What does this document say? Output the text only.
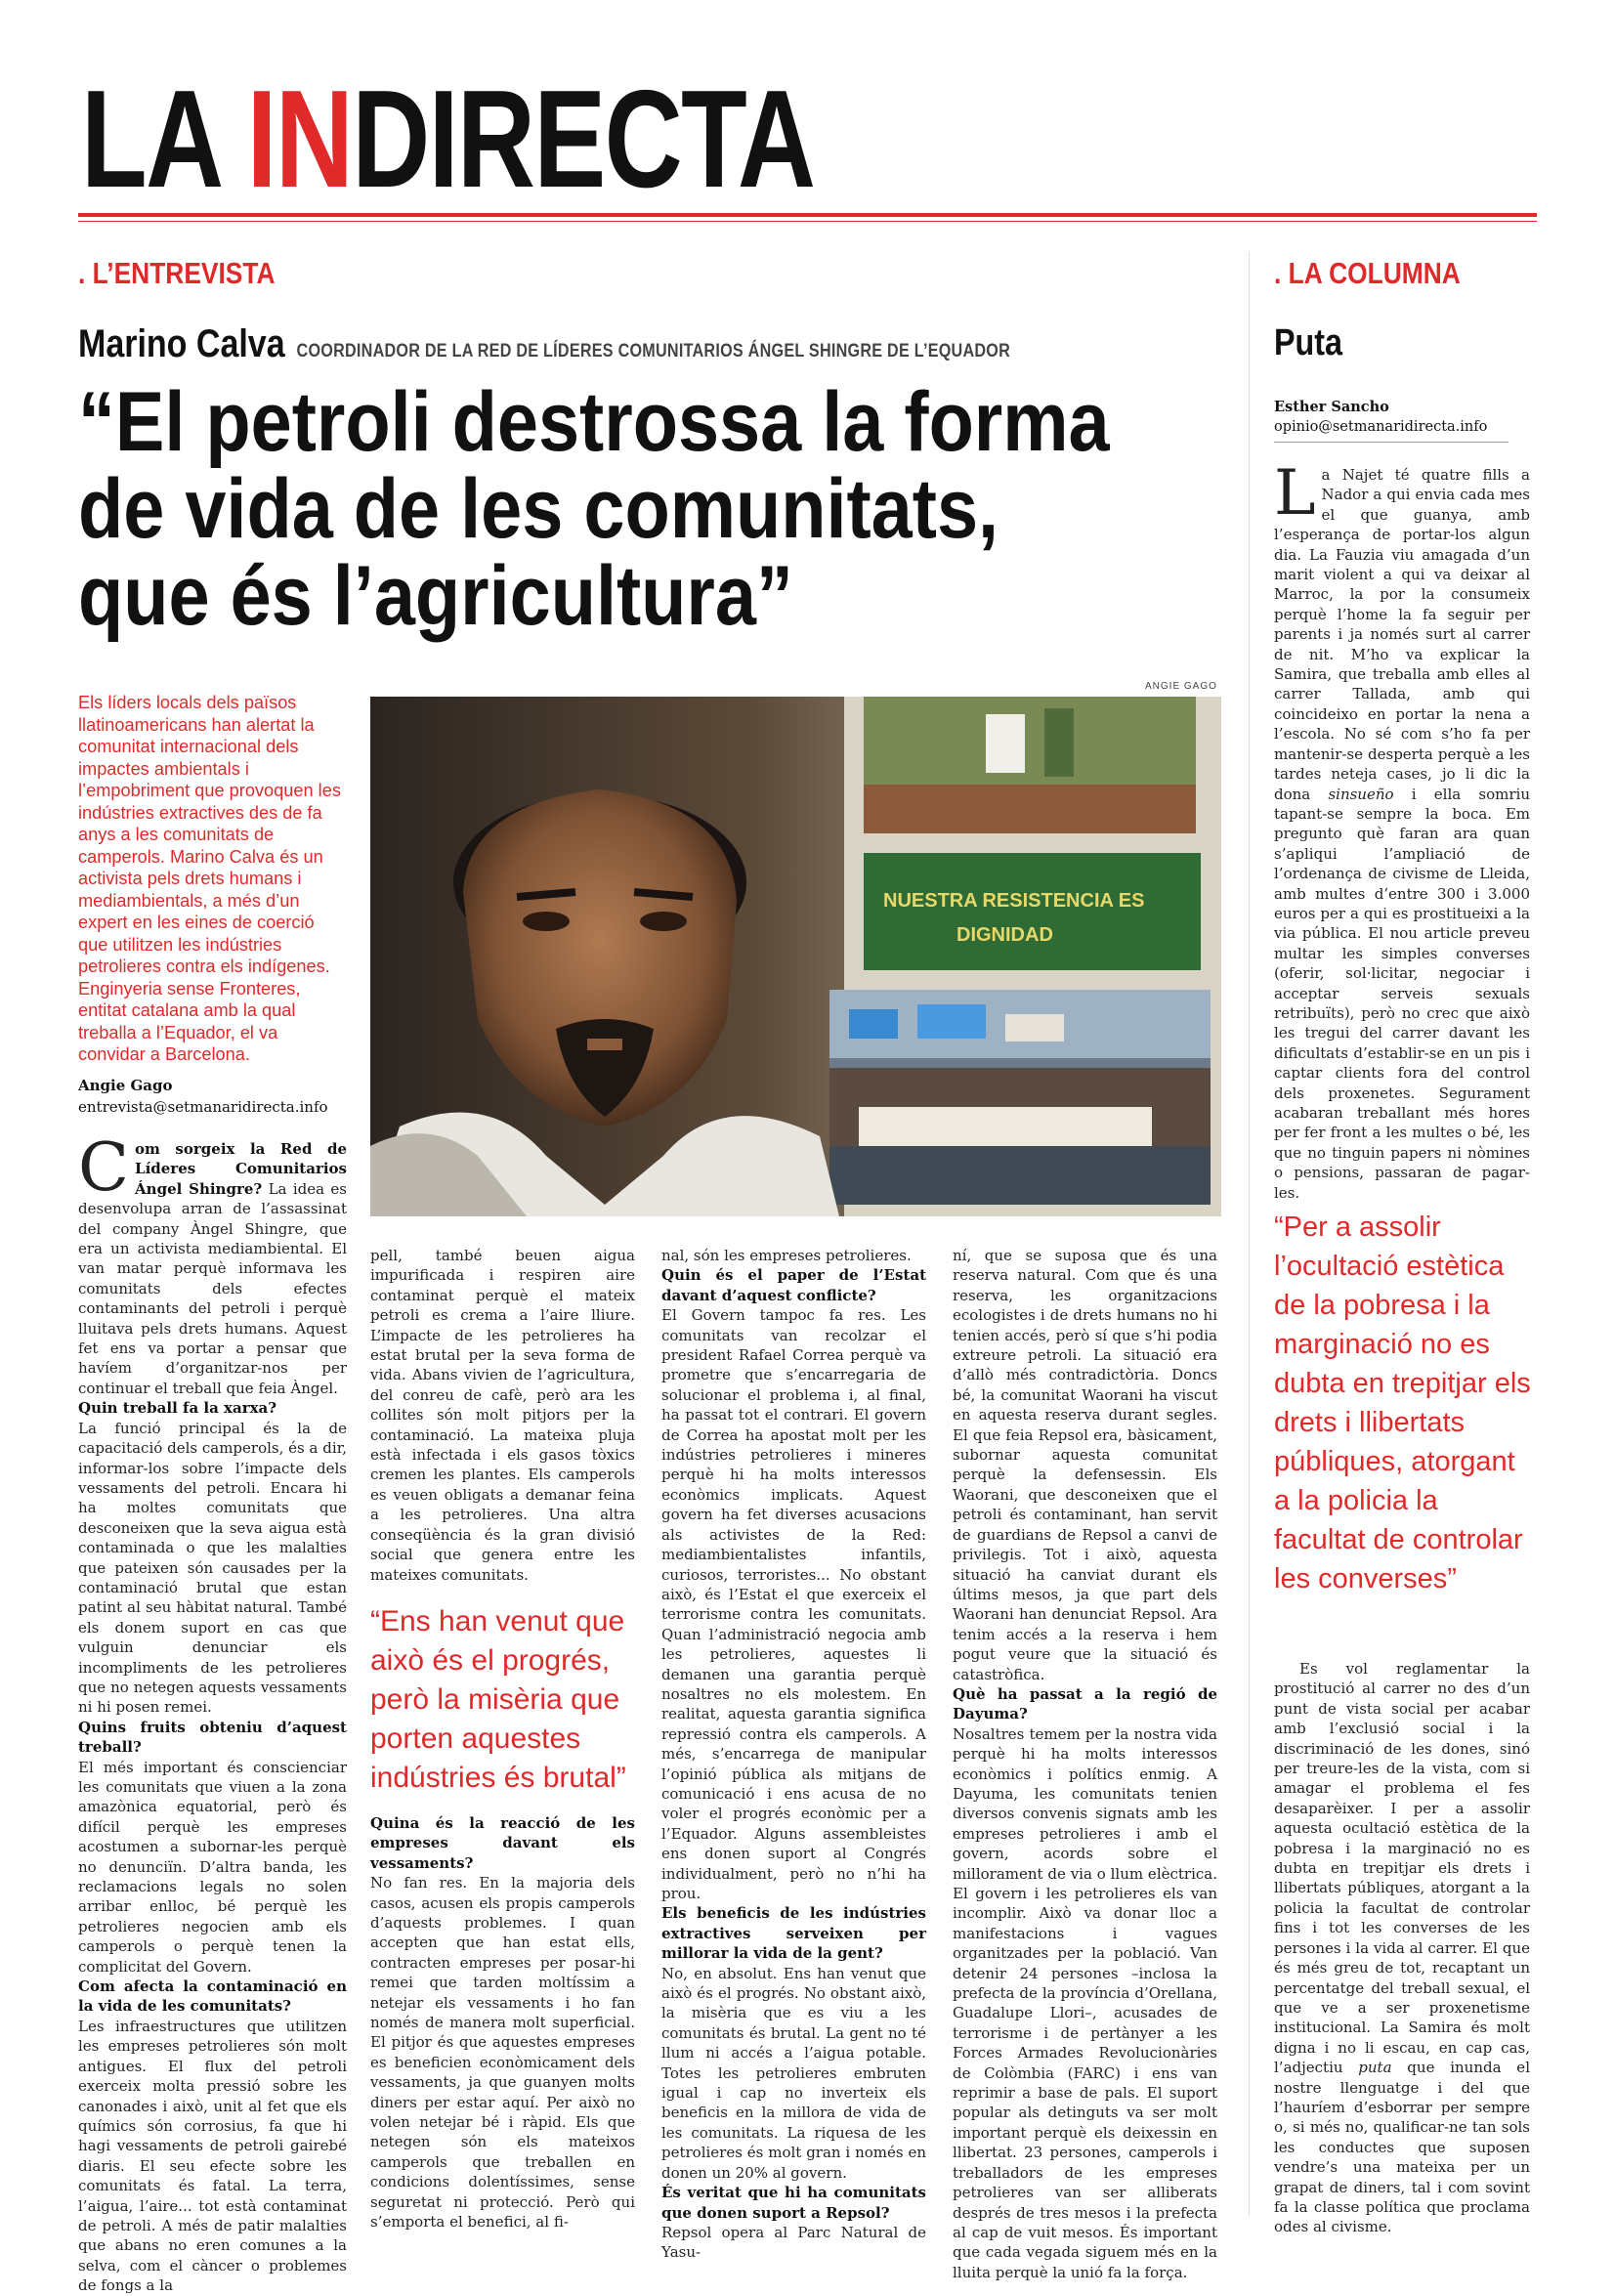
LA INDIRECTA
. L’ENTREVISTA
Marino Calva COORDINADOR DE LA RED DE LÍDERES COMUNITARIOS ÁNGEL SHINGRE DE L’EQUADOR
“El petroli destrossa la forma de vida de les comunitats, que és l’agricultura”
Els líders locals dels països llatinoamericans han alertat la comunitat internacional dels impactes ambientals i l’empobriment que provoquen les indústries extractives des de fa anys a les comunitats de camperols. Marino Calva és un activista pels drets humans i mediambientals, a més d’un expert en les eines de coerció que utilitzen les indústries petrolieres contra els indígenes. Enginyeria sense Fronteres, entitat catalana amb la qual treballa a l’Equador, el va convidar a Barcelona.
Angie Gago
entrevista@setmanaridirecta.info
ANGIE GAGO
NUESTRA RESISTENCIA ES
DIGNIDAD

Com sorgeix la Red de Líderes Comunitarios Ángel Shingre? La idea es desenvolupa arran de l’assassinat del company Àngel Shingre, que era un activista mediambiental. El van matar perquè informava les comunitats dels efectes contaminants del petroli i perquè lluitava pels drets humans. Aquest fet ens va portar a pensar que havíem d’organitzar-nos per continuar el treball que feia Àngel.

Quin treball fa la xarxa?

La funció principal és la de capacitació dels camperols, és a dir, informar-los sobre l’impacte dels vessaments del petroli. Encara hi ha moltes comunitats que desconeixen que la seva aigua està contaminada o que les malalties que pateixen són causades per la contaminació brutal que estan patint al seu hàbitat natural. També els donem suport en cas que vulguin denunciar els incompliments de les petrolieres que no netegen aquests vessaments ni hi posen remei.

Quins fruits obteniu d’aquest treball?

El més important és conscienciar les comunitats que viuen a la zona amazònica equatorial, però és difícil perquè les empreses acostumen a subornar-les perquè no denunciïn. D’altra banda, les reclamacions legals no solen arribar enlloc, bé perquè les petrolieres negocien amb els camperols o perquè tenen la complicitat del Govern.

Com afecta la contaminació en la vida de les comunitats?

Les infraestructures que utilitzen les empreses petrolieres són molt antigues. El flux del petroli exerceix molta pressió sobre les canonades i això, unit al fet que els químics són corrosius, fa que hi hagi vessaments de petroli gairebé diaris. El seu efecte sobre les comunitats és fatal. La terra, l’aigua, l’aire... tot està contaminat de petroli. A més de patir malalties que abans no eren comunes a la selva, com el càncer o problemes de fongs a la

pell, també beuen aigua impurificada i respiren aire contaminat perquè el mateix petroli es crema a l’aire lliure. L’impacte de les petrolieres ha estat brutal per la seva forma de vida. Abans vivien de l’agricultura, del conreu de cafè, però ara les collites són molt pitjors per la contaminació. La mateixa pluja està infectada i els gasos tòxics cremen les plantes. Els camperols es veuen obligats a demanar feina a les petrolieres. Una altra conseqüència és la gran divisió social que genera entre les mateixes comunitats.

“Ens han venut que això és el progrés, però la misèria que porten aquestes indústries és brutal”

Quina és la reacció de les empreses davant els vessaments?

No fan res. En la majoria dels casos, acusen els propis camperols d’aquests problemes. I quan accepten que han estat ells, contracten empreses per posar-hi remei que tarden moltíssim a netejar els vessaments i ho fan només de manera molt superficial. El pitjor és que aquestes empreses es beneficien econòmicament dels vessaments, ja que guanyen molts diners per estar aquí. Per això no volen netejar bé i ràpid. Els que netegen són els mateixos camperols que treballen en condicions dolentíssimes, sense seguretat ni protecció. Però qui s’emporta el benefici, al fi-

nal, són les empreses petrolieres.

Quin és el paper de l’Estat davant d’aquest conflicte?

El Govern tampoc fa res. Les comunitats van recolzar el president Rafael Correa perquè va prometre que s’encarregaria de solucionar el problema i, al final, ha passat tot el contrari. El govern de Correa ha apostat molt per les indústries petrolieres i mineres perquè hi ha molts interessos econòmics implicats. Aquest govern ha fet diverses acusacions als activistes de la Red: mediambientalistes infantils, curiosos, terroristes... No obstant això, és l’Estat el que exerceix el terrorisme contra les comunitats. Quan l’administració negocia amb les petrolieres, aquestes li demanen una garantia perquè nosaltres no els molestem. En realitat, aquesta garantia significa repressió contra els camperols. A més, s’encarrega de manipular l’opinió pública als mitjans de comunicació i ens acusa de no voler el progrés econòmic per a l’Equador. Alguns assembleistes ens donen suport al Congrés individualment, però no n’hi ha prou.

Els beneficis de les indústries extractives serveixen per millorar la vida de la gent?

No, en absolut. Ens han venut que això és el progrés. No obstant això, la misèria que es viu a les comunitats és brutal. La gent no té llum ni accés a l’aigua potable. Totes les petrolieres embruten igual i cap no inverteix els beneficis en la millora de vida de les comunitats. La riquesa de les petrolieres és molt gran i només en donen un 20% al govern.

És veritat que hi ha comunitats que donen suport a Repsol?

Repsol opera al Parc Natural de Yasu-

ní, que se suposa que és una reserva natural. Com que és una reserva, les organitzacions ecologistes i de drets humans no hi tenien accés, però sí que s’hi podia extreure petroli. La situació era d’allò més contradictòria. Doncs bé, la comunitat Waorani ha viscut en aquesta reserva durant segles. El que feia Repsol era, bàsicament, subornar aquesta comunitat perquè la defensessin. Els Waorani, que desconeixen que el petroli és contaminant, han servit de guardians de Repsol a canvi de privilegis. Tot i això, aquesta situació ha canviat durant els últims mesos, ja que part dels Waorani han denunciat Repsol. Ara tenim accés a la reserva i hem pogut veure que la situació és catastròfica.

Què ha passat a la regió de Dayuma?

Nosaltres temem per la nostra vida perquè hi ha molts interessos econòmics i polítics enmig. A Dayuma, les comunitats tenien diversos convenis signats amb les empreses petrolieres i amb el govern, acords sobre el millorament de via o llum elèctrica. El govern i les petrolieres els van incomplir. Això va donar lloc a manifestacions i vagues organitzades per la població. Van detenir 24 persones –inclosa la prefecta de la província d’Orellana, Guadalupe Llori–, acusades de terrorisme i de pertànyer a les Forces Armades Revolucionàries de Colòmbia (FARC) i ens van reprimir a base de pals. El suport popular als detinguts va ser molt important perquè els deixessin en llibertat. 23 persones, camperols i treballadors de les empreses petrolieres van ser alliberats després de tres mesos i la prefecta al cap de vuit mesos. És important que cada vegada siguem més en la lluita perquè la unió fa la força.

. LA COLUMNA
Puta
Esther Sancho
opinio@setmanaridirecta.info

La Najet té quatre fills a Nador a qui envia cada mes el que guanya, amb l’esperança de portar-los algun dia. La Fauzia viu amagada d’un marit violent a qui va deixar al Marroc, la por la consumeix perquè l’home la fa seguir per parents i ja només surt al carrer de nit. M’ho va explicar la Samira, que treballa amb elles al carrer Tallada, amb qui coincideixo en portar la nena a l’escola. No sé com s’ho fa per mantenir-se desperta perquè a les tardes neteja cases, jo li dic la dona sinsueño i ella somriu tapant-se sempre la boca. Em pregunto què faran ara quan s’apliqui l’ampliació de l’ordenança de civisme de Lleida, amb multes d’entre 300 i 3.000 euros per a qui es prostitueixi a la via pública. El nou article preveu multar les simples converses (oferir, sol·licitar, negociar i acceptar serveis sexuals retribuïts), però no crec que això les tregui del carrer davant les dificultats d’establir-se en un pis i captar clients fora del control dels proxenetes. Segurament acabaran treballant més hores per fer front a les multes o bé, les que no tinguin papers ni nòmines o pensions, passaran de pagar-les.

“Per a assolir l’ocultació estètica de la pobresa i la marginació no es dubta en trepitjar els drets i llibertats públiques, atorgant a la policia la facultat de controlar les converses”

Es vol reglamentar la prostitució al carrer no des d’un punt de vista social per acabar amb l’exclusió social i la discriminació de les dones, sinó per treure-les de la vista, com si amagar el problema el fes desaparèixer. I per a assolir aquesta ocultació estètica de la pobresa i la marginació no es dubta en trepitjar els drets i llibertats públiques, atorgant a la policia la facultat de controlar fins i tot les converses de les persones i la vida al carrer. El que és més greu de tot, recaptant un percentatge del treball sexual, el que ve a ser proxenetisme institucional. La Samira és molt digna i no li escau, en cap cas, l’adjectiu puta que inunda el nostre llenguatge i del que l’hauríem d’esborrar per sempre o, si més no, qualificar-ne tan sols les conductes que suposen vendre’s una mateixa per un grapat de diners, tal i com sovint fa la classe política que proclama odes al civisme.
